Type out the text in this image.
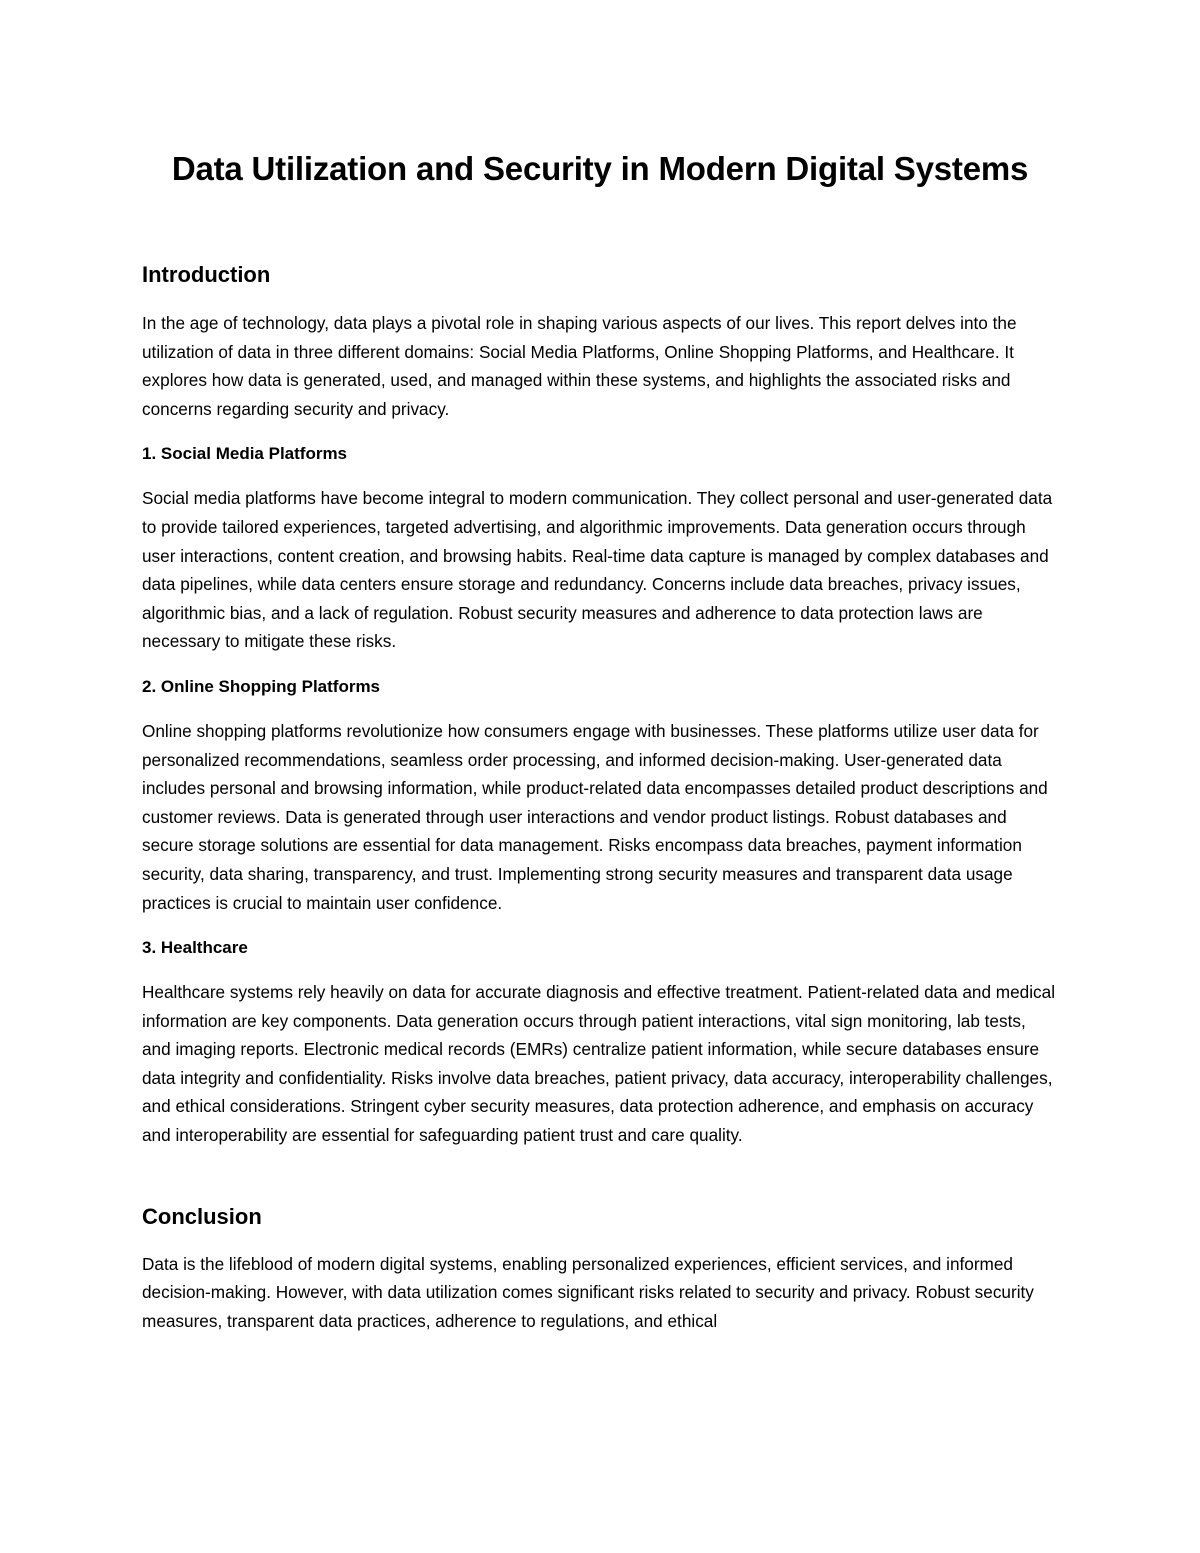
Data Utilization and Security in Modern Digital Systems
Introduction

In the age of technology, data plays a pivotal role in shaping various aspects of our lives. This report delves into the utilization of data in three different domains: Social Media Platforms, Online Shopping Platforms, and Healthcare. It explores how data is generated, used, and managed within these systems, and highlights the associated risks and concerns regarding security and privacy.

1. Social Media Platforms

Social media platforms have become integral to modern communication. They collect personal and user-generated data to provide tailored experiences, targeted advertising, and algorithmic improvements. Data generation occurs through user interactions, content creation, and browsing habits. Real-time data capture is managed by complex databases and data pipelines, while data centers ensure storage and redundancy. Concerns include data breaches, privacy issues, algorithmic bias, and a lack of regulation. Robust security measures and adherence to data protection laws are necessary to mitigate these risks.

2. Online Shopping Platforms

Online shopping platforms revolutionize how consumers engage with businesses. These platforms utilize user data for personalized recommendations, seamless order processing, and informed decision-making. User-generated data includes personal and browsing information, while product-related data encompasses detailed product descriptions and customer reviews. Data is generated through user interactions and vendor product listings. Robust databases and secure storage solutions are essential for data management. Risks encompass data breaches, payment information security, data sharing, transparency, and trust. Implementing strong security measures and transparent data usage practices is crucial to maintain user confidence.

3. Healthcare

Healthcare systems rely heavily on data for accurate diagnosis and effective treatment. Patient-related data and medical information are key components. Data generation occurs through patient interactions, vital sign monitoring, lab tests, and imaging reports. Electronic medical records (EMRs) centralize patient information, while secure databases ensure data integrity and confidentiality. Risks involve data breaches, patient privacy, data accuracy, interoperability challenges, and ethical considerations. Stringent cyber security measures, data protection adherence, and emphasis on accuracy and interoperability are essential for safeguarding patient trust and care quality.

Conclusion

Data is the lifeblood of modern digital systems, enabling personalized experiences, efficient services, and informed decision-making. However, with data utilization comes significant risks related to security and privacy. Robust security measures, transparent data practices, adherence to regulations, and ethical
